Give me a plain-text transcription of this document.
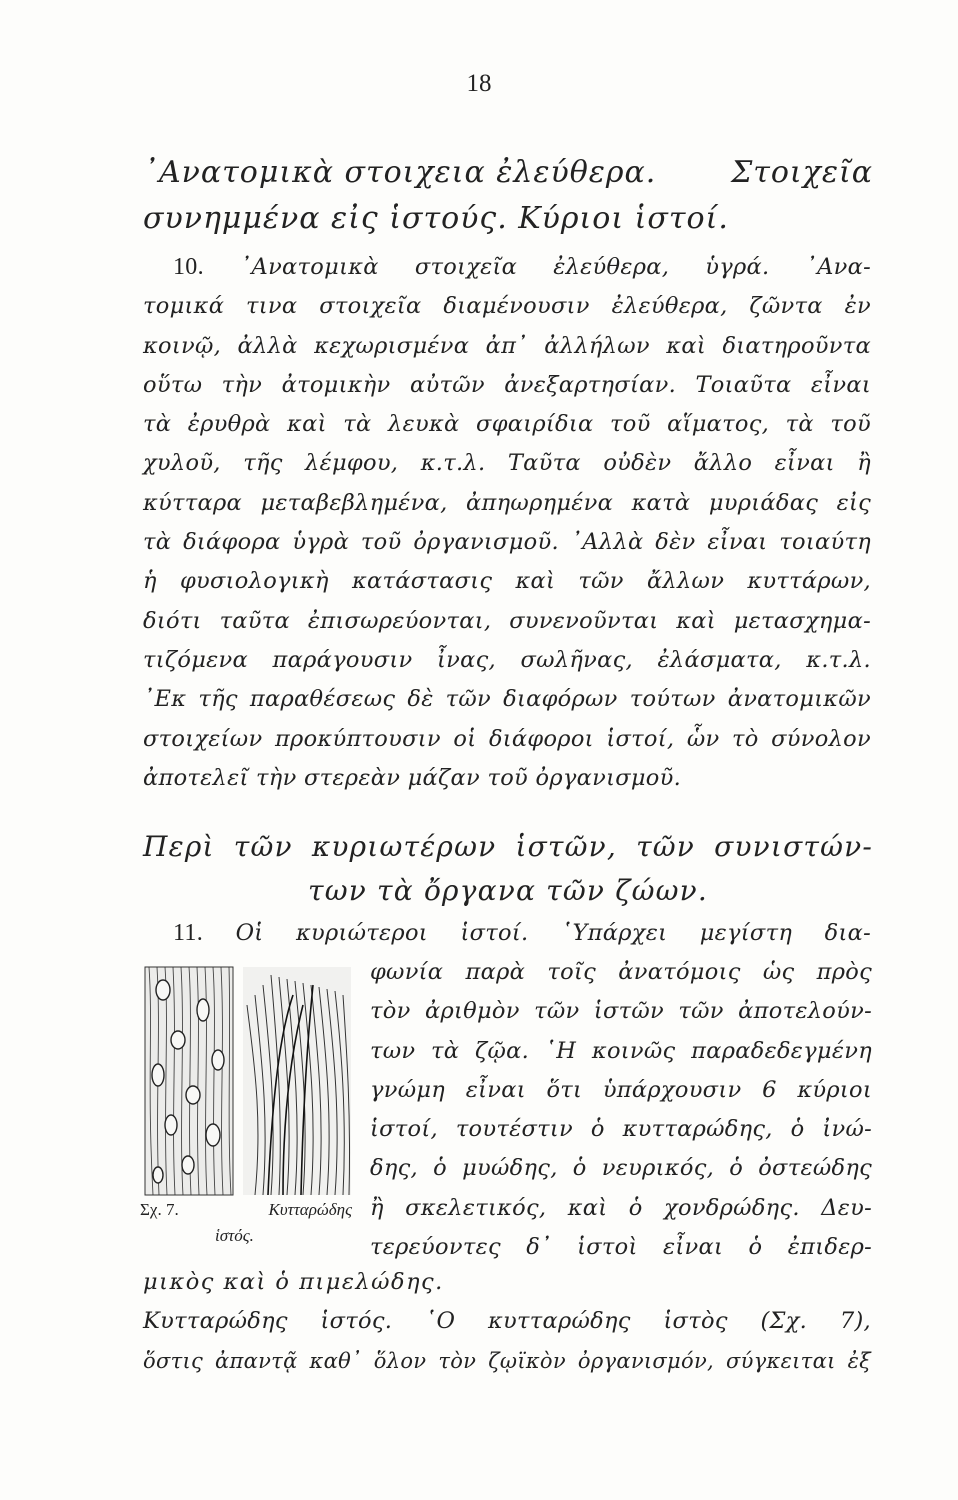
18
᾿Ανατομικὰ στοιχεια ἐλεύθερα. Στοιχεῖα
συνημμένα εἰς ἱστούς. Κύριοι ἱστοί.
10. ᾿Ανατομικὰ στοιχεῖα ἐλεύθερα, ὑγρά. ᾿Ανα-
τομικά τινα στοιχεῖα διαμένουσιν ἐλεύθερα, ζῶντα ἐν
κοινῷ, ἀλλὰ κεχωρισμένα ἀπ᾿ ἀλλήλων καὶ διατηροῦντα
οὕτω τὴν ἀτομικὴν αὐτῶν ἀνεξαρτησίαν. Τοιαῦτα εἶναι
τὰ ἐρυθρὰ καὶ τὰ λευκὰ σφαιρίδια τοῦ αἵματος, τὰ τοῦ
χυλοῦ, τῆς λέμφου, κ.τ.λ. Ταῦτα οὐδὲν ἄλλο εἶναι ἢ
κύτταρα μεταβεβλημένα, ἀπηωρημένα κατὰ μυριάδας εἰς
τὰ διάφορα ὑγρὰ τοῦ ὀργανισμοῦ. ᾿Αλλὰ δὲν εἶναι τοιαύτη
ἡ φυσιολογικὴ κατάστασις καὶ τῶν ἄλλων κυττάρων,
διότι ταῦτα ἐπισωρεύονται, συνενοῦνται καὶ μετασχημα-
τιζόμενα παράγουσιν ἶνας, σωλῆνας, ἐλάσματα, κ.τ.λ.
᾿Εκ τῆς παραθέσεως δὲ τῶν διαφόρων τούτων ἀνατομικῶν
στοιχείων προκύπτουσιν οἱ διάφοροι ἱστοί, ὧν τὸ σύνολον
ἀποτελεῖ τὴν στερεὰν μάζαν τοῦ ὀργανισμοῦ.
Περὶ τῶν κυριωτέρων ἱστῶν, τῶν συνιστών-
των τὰ ὄργανα τῶν ζώων.
11. Οἱ κυριώτεροι ἱστοί. ῾Υπάρχει μεγίστη δια-
φωνία παρὰ τοῖς ἀνατόμοις ὡς πρὸς
τὸν ἀριθμὸν τῶν ἱστῶν τῶν ἀποτελούν-
των τὰ ζῷα. ῾Η κοινῶς παραδεδεγμένη
γνώμη εἶναι ὅτι ὑπάρχουσιν 6 κύριοι
ἱστοί, τουτέστιν ὁ κυτταρώδης, ὁ ἰνώ-
δης, ὁ μυώδης, ὁ νευρικός, ὁ ὀστεώδης
ἢ σκελετικός, καὶ ὁ χονδρώδης. Δευ-
τερεύοντες δ᾿ ἱστοὶ εἶναι ὁ ἐπιδερ-
Σχ. 7.	Κυτταρώδης
ἱστός.
μικὸς καὶ ὁ πιμελώδης.
Κυτταρώδης ἱστός. ῾Ο κυτταρώδης ἱστὸς (Σχ. 7),
ὅστις ἀπαντᾷ καθ᾿ ὅλον τὸν ζῳϊκὸν ὀργανισμόν, σύγκειται ἐξ
